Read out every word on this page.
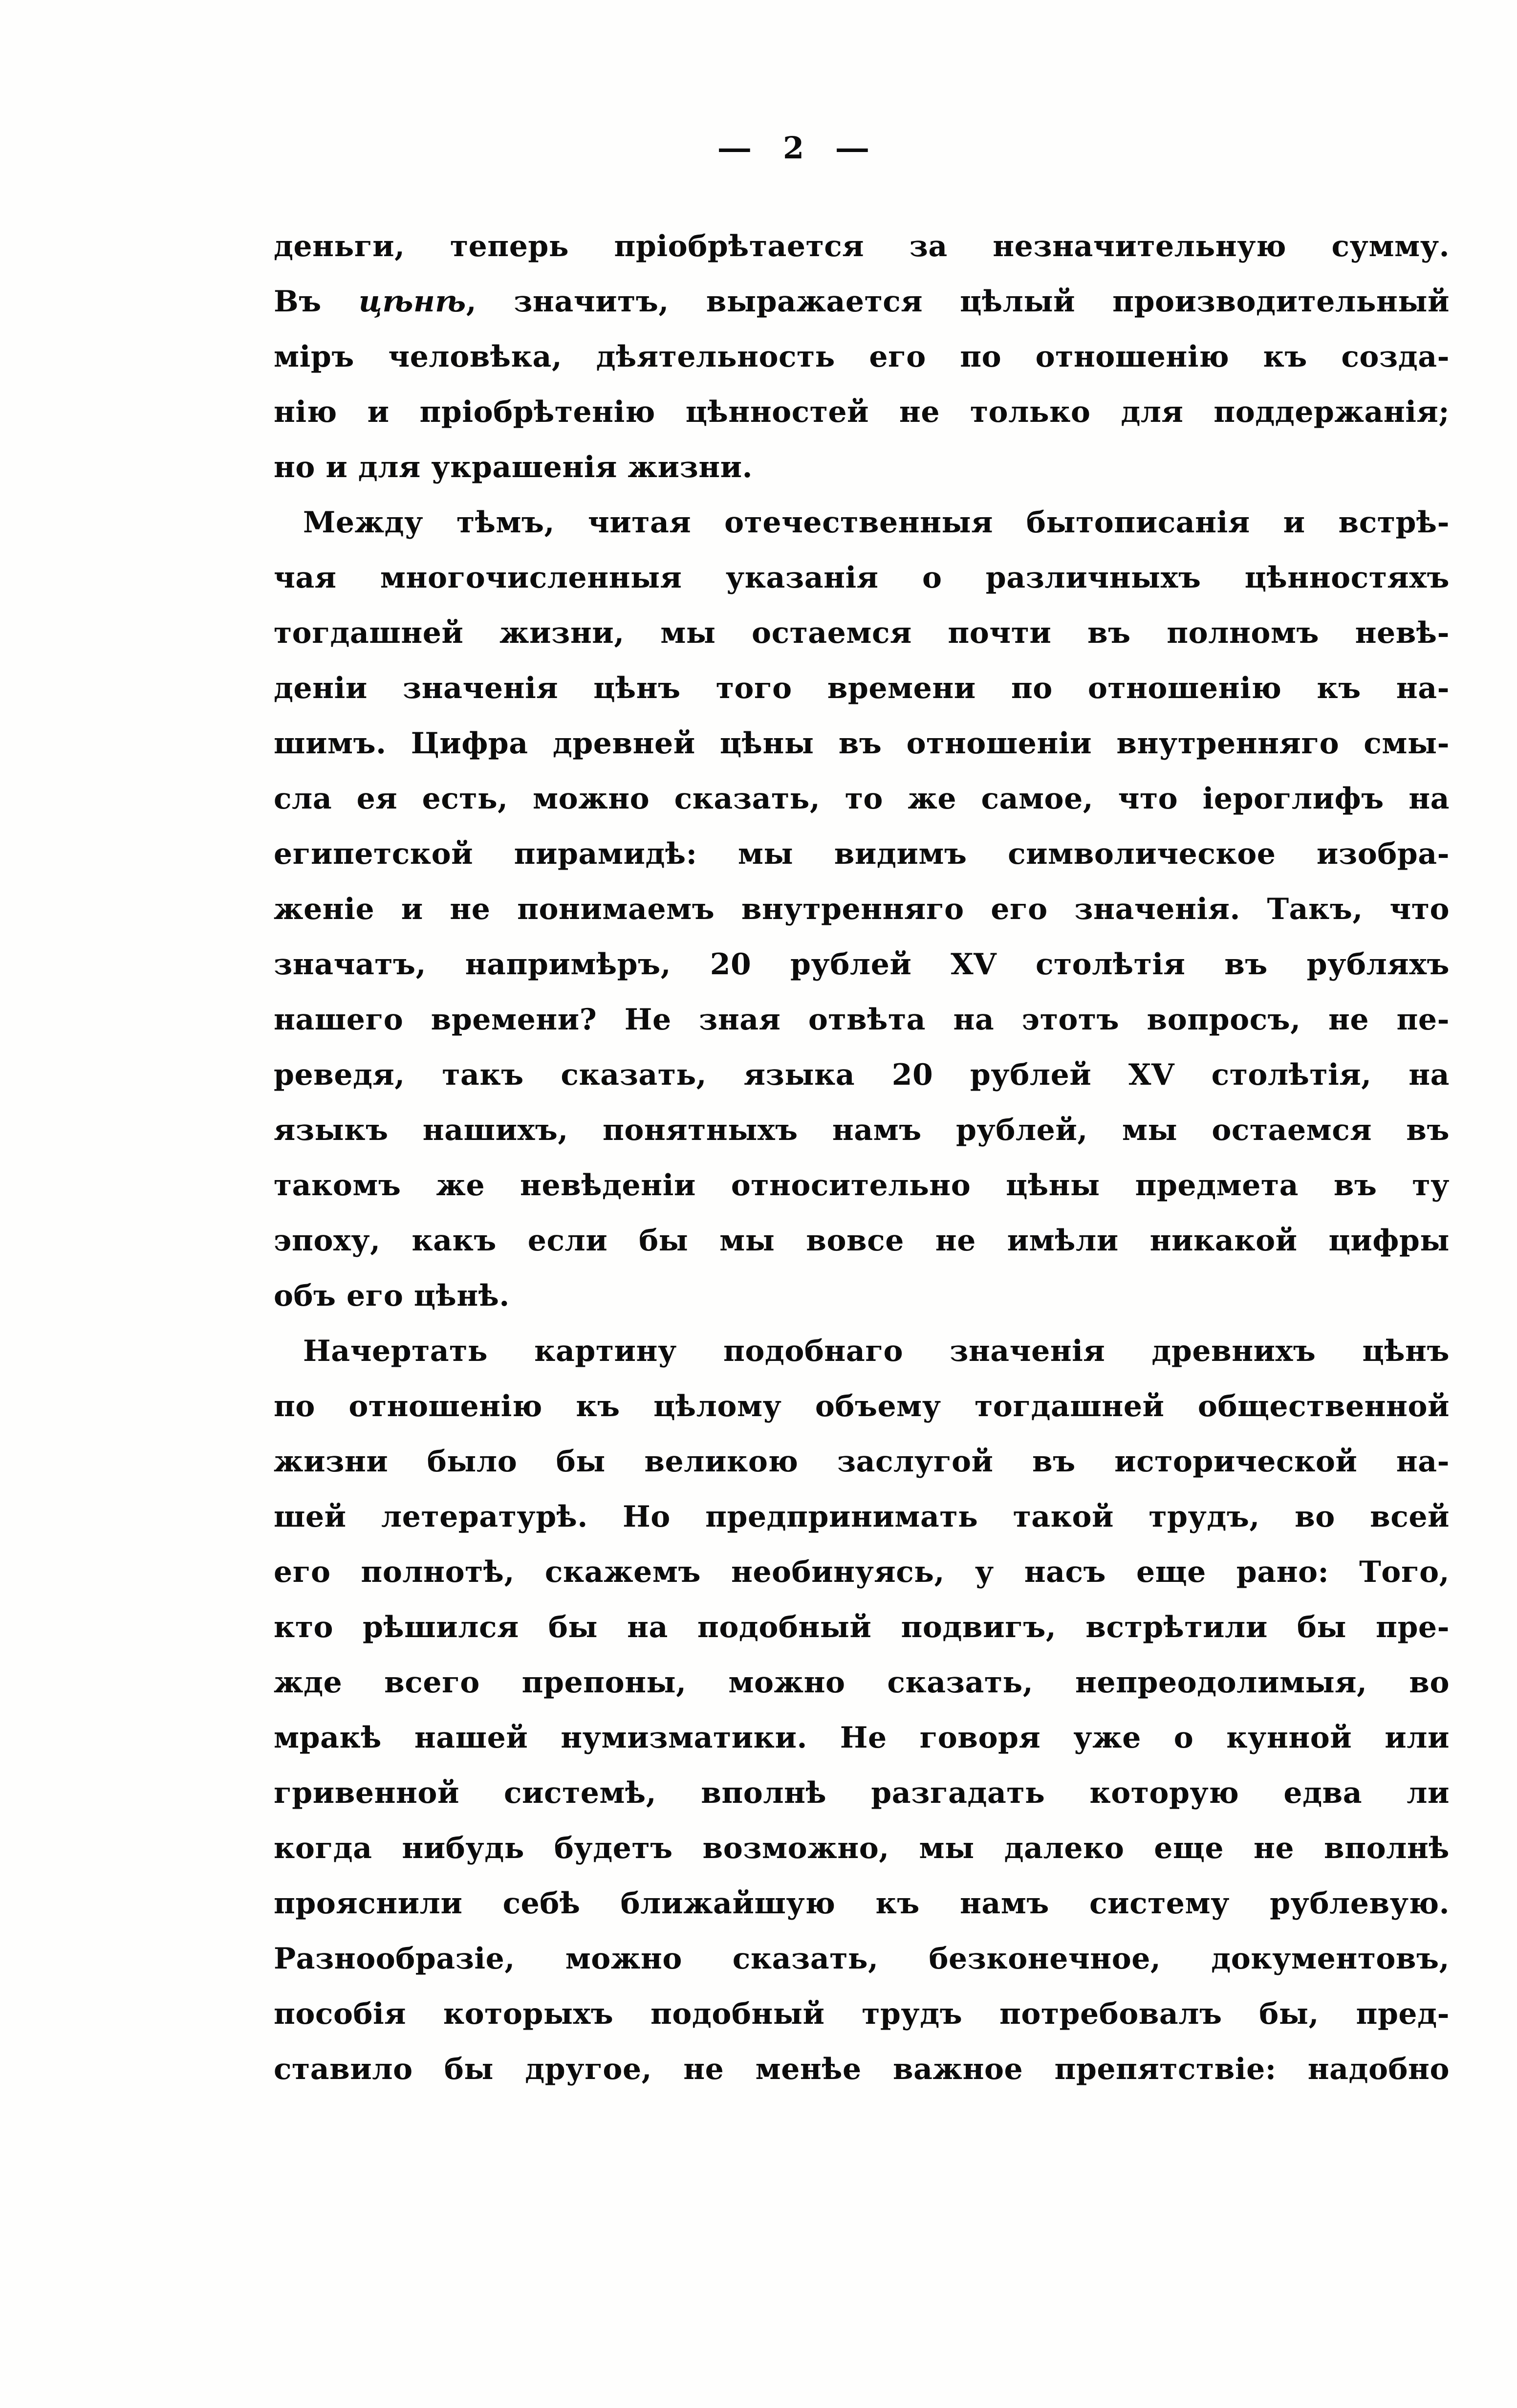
— 2 —
деньги, теперь пріобрѣтается за незначительную сумму.
Въ цѣнѣ, значитъ, выражается цѣлый производительный
міръ человѣка, дѣятельность его по отношенію къ созда-
нію и пріобрѣтенію цѣнностей не только для поддержанія;
но и для украшенія жизни.
Между тѣмъ, читая отечественныя бытописанія и встрѣ-
чая многочисленныя указанія о различныхъ цѣнностяхъ
тогдашней жизни, мы остаемся почти въ полномъ невѣ-
деніи значенія цѣнъ того времени по отношенію къ на-
шимъ. Цифра древней цѣны въ отношеніи внутренняго смы-
сла ея есть, можно сказать, то же самое, что іероглифъ на
египетской пирамидѣ: мы видимъ символическое изобра-
женіе и не понимаемъ внутренняго его значенія. Такъ, что
значатъ, напримѣръ, 20 рублей XV столѣтія въ рубляхъ
нашего времени? Не зная отвѣта на этотъ вопросъ, не пе-
реведя, такъ сказать, языка 20 рублей XV столѣтія, на
языкъ нашихъ, понятныхъ намъ рублей, мы остаемся въ
такомъ же невѣденіи относительно цѣны предмета въ ту
эпоху, какъ если бы мы вовсе не имѣли никакой цифры
объ его цѣнѣ.
Начертать картину подобнаго значенія древнихъ цѣнъ
по отношенію къ цѣлому объему тогдашней общественной
жизни было бы великою заслугой въ исторической на-
шей летературѣ. Но предпринимать такой трудъ, во всей
его полнотѣ, скажемъ необинуясь, у насъ еще рано: Того,
кто рѣшился бы на подобный подвигъ, встрѣтили бы пре-
жде всего препоны, можно сказать, непреодолимыя, во
мракѣ нашей нумизматики. Не говоря уже о кунной или
гривенной системѣ, вполнѣ разгадать которую едва ли
когда нибудь будетъ возможно, мы далеко еще не вполнѣ
прояснили себѣ ближайшую къ намъ систему рублевую.
Разнообразіе, можно сказать, безконечное, документовъ,
пособія которыхъ подобный трудъ потребовалъ бы, пред-
ставило бы другое, не менѣе важное препятствіе: надобно
